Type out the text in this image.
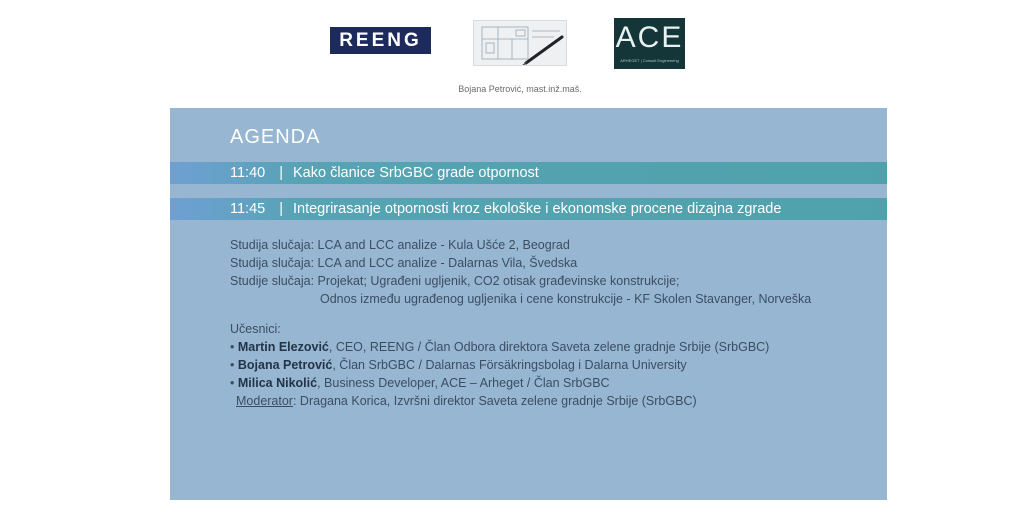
REENG	ACE
ARHEGET | Consult Engineering
Bojana Petrović, mast.inž.maš.
AGENDA
11:40 | Kako članice SrbGBC grade otpornost
11:45 | Integrirasanje otpornosti kroz ekološke i ekonomske procene dizajna zgrade
Studija slučaja: LCA and LCC analize - Kula Ušće 2, Beograd
Studija slučaja: LCA and LCC analize - Dalarnas Vila, Švedska
Studije slučaja: Projekat; Ugrađeni ugljenik, CO2 otisak građevinske konstrukcije;
Odnos između ugrađenog ugljenika i cene konstrukcije - KF Skolen Stavanger, Norveška
Učesnici:
• Martin Elezović, CEO, REENG / Član Odbora direktora Saveta zelene gradnje Srbije (SrbGBC)
• Bojana Petrović, Član SrbGBC / Dalarnas Försäkringsbolag i Dalarna University
• Milica Nikolić, Business Developer, ACE – Arheget / Član SrbGBC
Moderator: Dragana Korica, Izvršni direktor Saveta zelene gradnje Srbije (SrbGBC)
